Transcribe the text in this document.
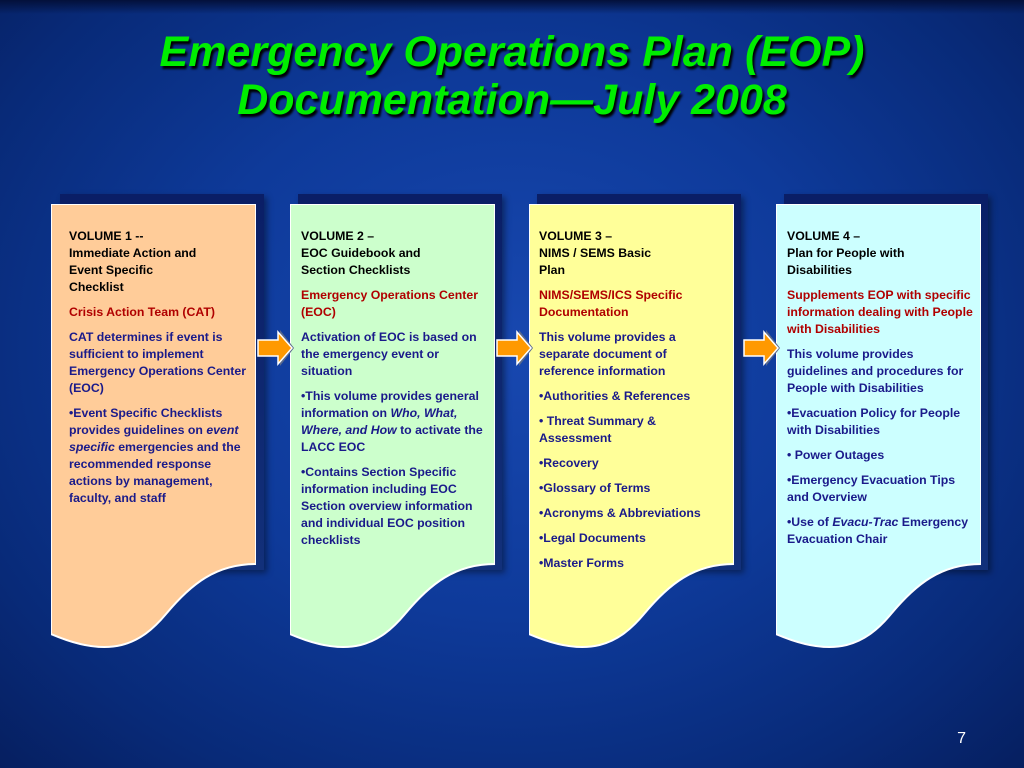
Emergency Operations Plan (EOP)
Documentation—July 2008

VOLUME 1 --
Immediate Action and
Event Specific
Checklist

Crisis Action Team (CAT)

CAT determines if event is sufficient to implement Emergency Operations Center (EOC)

•Event Specific Checklists provides guidelines on event specific emergencies and the recommended response actions by management, faculty, and staff

VOLUME 2 –
EOC Guidebook and
Section Checklists

Emergency Operations Center (EOC)

Activation of EOC is based on the emergency event or situation

•This volume provides general information on Who, What, Where, and How to activate the LACC EOC

•Contains Section Specific information including EOC Section overview information and individual EOC position checklists

VOLUME 3 –
NIMS / SEMS Basic
Plan

NIMS/SEMS/ICS Specific Documentation

This volume provides a separate document of reference information

•Authorities & References

• Threat Summary & Assessment

•Recovery

•Glossary of Terms

•Acronyms & Abbreviations

•Legal Documents

•Master Forms

VOLUME 4 –
Plan for People with
Disabilities

Supplements EOP with specific information dealing with People with Disabilities

This volume provides guidelines and procedures for People with Disabilities

•Evacuation Policy for People with Disabilities

• Power Outages

•Emergency Evacuation Tips and Overview

•Use of Evacu-Trac Emergency Evacuation Chair

7
